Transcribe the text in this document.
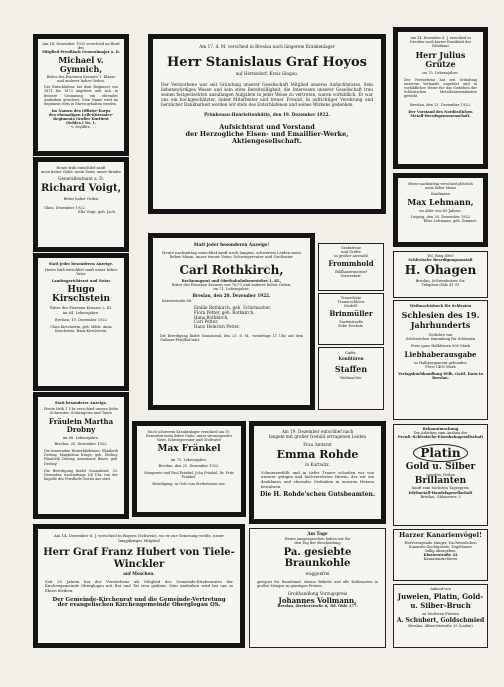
Am 18. Dezember 1922 verschied an Bord des
Mitglied Preußisch Generalmajor a. D.
Michael v. Gymnich,
Ritter des Eisernen Kreuzes 1. Klasse
und anderer hoher Orden.
Der Entschlafene hat dem Regiment von 1871 bis 1873 angehört und sich in bessere Gesinnung ein ehrendes Andenken gesichert. Sein Name wird im Regiment stets in Ehren gehalten werden.
Im Namen des Offizier-Korps
des ehemaligen Leib-Kürassier-
Regiments Großer Kurfürst
(Schles.) Nr. 1.
v. Seydlitz.
Heute früh entschlief sanft
mein lieber Gatte, mein Vater, unser Bruder
Generalleutnant a. D.
Richard Voigt,
Ritter hoher Orden
Glatz, Dezember 1922.
Ella Voigt, geb. Jach.
Statt jeder besonderen Anzeige.
Heute früh entschlief sanft unser lieber Vater
Landesgerichtsrat und Notar
Hugo Kirschstein
Ritter des Eisernen Kreuzes 2. Kl.
im 64. Lebensjahre.
Breslau, 19. Dezember 1922
Clara Kirschstein, geb. Milde. Anna Kirschstein. Hans Kirschstein.
Statt besonderer Anzeige.
Heute früh 1 Uhr verschied unsere liebe Schwester, Schwägerin und Tante
Fräulein Martha Drobny
im 68. Lebensjahre.
Breslau, 20. Dezember 1922.
Die trauernden Hinterbliebenen: Elisabeth Drobny, Magdalena Kruge, geb. Drobny, Elisabeth Drobny, Annemarie Bauer, geb. Drobny.
Die Beerdigung findet Sonnabend, 23. Dezember, nachmittags 1/4 Uhr, von der Kapelle des Friedhofs Oswitz aus statt.
Am 17. d. M. verschied in Breslau nach längerem Krankenlager
Herr Stanislaus Graf Hoyos
auf Hermsdorf, Kreis Glogau.
Der Verstorbene war seit Gründung unserer Gesellschaft Mitglied unseres Aufsichtsrates. Sein liebenswürdiges Wesen und sein stete Bereitwilligkeit, die Interessen unserer Gesellschaft treu seinen festgesteckten anzufangen Aufgaben in jeder Weise zu vertreten, waren vorbildlich. Er war uns ein hochgeschätzter, lieber Mitarbeiter und treuer Freund. In aufrichtiger Verehrung und herzlicher Dankbarkeit werden wir stets des Entschlafenen und seines Wirkens gedenken.
Primkenau-Henriettenhütte, den 19. Dezember 1922.
Aufsichtsrat und Vorstand
der Herzogliche Eisen- und Emaillier-Werke,
Aktiengesellschaft.
Statt jeder besonderen Anzeige!
Heute nachmittag entschlief sanft nach langem, schwerem Leiden mein lieber Mann, unser treuer Vater, Schwiegervater und Großvater
Carl Rothkirch,
Rechnungsrat und Oberbahnhofsvorsteher 1. Kl.,
Ritter des Eisernen Kreuzes von 70/71 und anderer hoher Orden,
im 71. Lebensjahre.
Breslau, den 20. Dezember 1922.
Kaiserstraße 68.
Emilie Rothkirch, geb. Schirmacher,
Flora Petter, geb. Rothkirch,
Hans Rothkirch,
Carl Petter,
Hans Heinrich Petter.
Die Beerdigung findet Sonnabend, den 23. d. M., vormittags 11 Uhr, auf dem Gräbner-Friedhof statt.
Grabsteine
und Grüfte
in großer Auswahl
Frommhold
Bildhauermeister
Vorwerkstr.
Trauerhüte
Trauerschleier
Modell-
Brinmüller
Gartenstraße
Ecke Teichstr.
Cafés.
Konfitüren
Staffen
Weihnachts-
Nach schwerem Krankenlager verschied am 19. Dezember mein lieber Gatte, unser treusorgender Vater, Schwiegervater und Großvater
Max Fränkel
im 75. Lebensjahre.
Breslau, den 21. Dezember 1922.
Margarete und Paul Fränkel, John Fränkel, Dr. Fritz Fränkel.
Beerdigung: in Oels vom Sterbehause aus.
Am 19. Dezember entschlief nach
langem mit großer Geduld ertragenen Leiden
Frau Amtsrat
Emma Rohde
in Kurtwitz.
Schmerzerfüllt und in tiefer Trauer scheiden wir von unserer gütigen und hochverehrten Herrin, der wir ein dankbares und ehrendes Gedenken in unseren Herzen bewahren.
Die H. Rohde'schen Gutsbeamten.
Am 14. Dezember d. J. verschied in Bayern (Schweiz), wo er zur Genesung weilte, unser langjähriges Mitglied
Herr Graf Franz Hubert von Tiele-Winckler
auf Moschen.
Seit 20 Jahren hat der Verstorbene als Mitglied des Gemeinde-Kirchenrates der Kirchengemeinde Oberglogau mit Rat und Tat treu gedient. Sein Andenken wird bei uns in Ehren bleiben.
Der Gemeinde-Kirchenrat und die Gemeinde-Vertretung
der evangelischen Kirchengemeinde Oberglogau OS.
Am Tage
Heute ausgesprochen haben wir für
den Tag der Bescheidung
Pa. gesiebte Braunkohle
waggonfrei
geeignet für Hausbrand, ebenso Briketts und alle Kohlenarten in großen Mengen zu günstigen Preisen.
Großhandlung Vorzugspreis
Johannes Vollmann,
Breslau, Zieckerstraße 6, Tel. Ohle 177.
Am 14. Dezember d. J. verschied in Dresden nach kurzer Krankheit der Fabrikant
Herr Julius Grütze
im 75. Lebensjahre.
Der Verstorbene hat seit Gründung unserem Verbande angehört und in vorbildlicher Weise für das Gedeihen der Schlesischen Metallwarenindustrie gewirkt.
Breslau, den 21. Dezember 1922.
Der Vorstand des Nordöstlichen
Metall-Berufsgenossenschaft.
Heute nachmittag verschied plötzlich mein lieber Mann
Kaufmann
Max Lehmann,
im Alter von 65 Jahren.
Leipzig, den 20. Dezember 1922
Elise Lehmann, geb. Zimmer.
Tel. Ring 4900
Schlesische Beerdigungsanstalt
H. Ohagen
Breslau, Schweidnitzer Str.
Telephon Ohle 41 93
Weihnachtsbuch für Schlesien
Schlesien des 19. Jahrhunderts
Gedichte von
Schlesischen Sammlung für Schlesien
Preis ganz Halbleinen 800 Mark
Liebhaberausgabe
in Halbpergament gebunden
Preis 1400 Mark
Verlagsbuchhandlung Wilh. Gottl. Korn in Breslau.
Bekanntmachung
Die Arbeiten zum Ausbau der
Preuß.-Schlesische-Eisenbahngesellschaft
Platin
Gold u. Silber
Juwelen, Perlen
Brillanten
kauft zum höchsten Tagespreis
Edelmetall-Handelsgesellschaft
Breslau, Ohlauerstr. 3
Harzer Kanarienvögel!
Hervorragende Sänger, Zuchtweibchen
Kanarien-Zuchtgeräte, Vogelbauer
billig abzugeben
Klosterstraße 22
Kanarienzüchterei
Ankauf von
Juwelen, Platin, Gold- u. Silber-Bruch
zu höchsten Preisen
A. Schubert, Goldschmied
Breslau, Albrechtstraße 25 (Laden)
